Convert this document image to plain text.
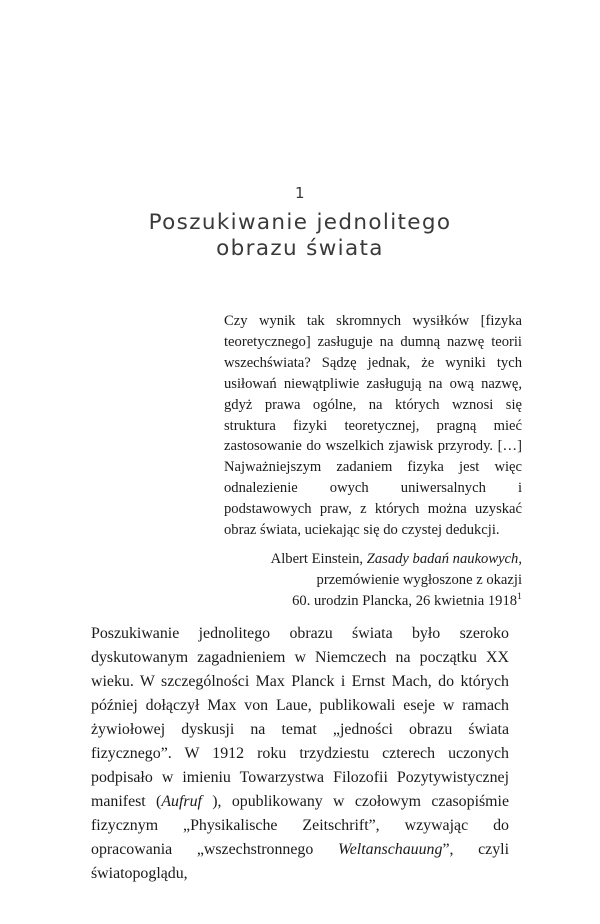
1
Poszukiwanie jednolitego
obrazu świata

Czy wynik tak skromnych wysiłków [fizyka teoretycznego] zasługuje na dumną nazwę teorii wszechświata? Sądzę jednak, że wyniki tych usiłowań niewątpliwie zasługują na ową nazwę, gdyż prawa ogólne, na których wznosi się struktura fizyki teoretycznej, pragną mieć zastosowanie do wszelkich zjawisk przyrody. […] Najważniejszym zadaniem fizyka jest więc odnalezienie owych uniwersalnych i podstawowych praw, z których można uzyskać obraz świata, uciekając się do czystej dedukcji.

Albert Einstein, Zasady badań naukowych,
przemówienie wygłoszone z okazji
60. urodzin Plancka, 26 kwietnia 1918$^1$

Poszukiwanie jednolitego obrazu świata było szeroko dyskutowanym zagadnieniem w Niemczech na początku XX wieku. W szczególności Max Planck i Ernst Mach, do których później dołączył Max von Laue, publikowali eseje w ramach żywiołowej dyskusji na temat „jedności obrazu świata fizycznego”. W 1912 roku trzydziestu czterech uczonych podpisało w imieniu Towarzystwa Filozofii Pozytywistycznej manifest (Aufruf ), opublikowany w czołowym czasopiśmie fizycznym „Physikalische Zeitschrift”, wzywając do opracowania „wszechstronnego Weltanschauung”, czyli światopoglądu,
